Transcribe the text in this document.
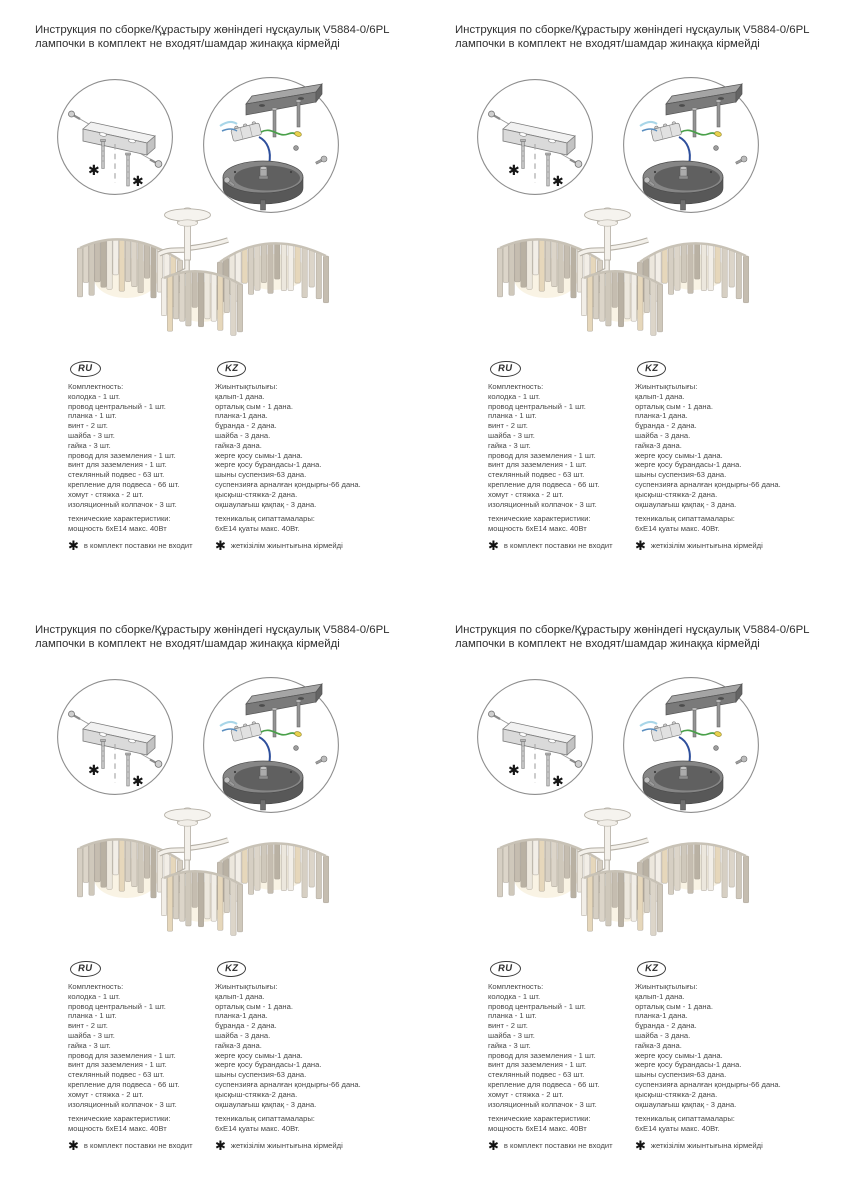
Инструкция по сборке/Құрастыру жөніндегі нұсқаулық V5884-0/6PL
лампочки в комплект не входят/шамдар жинаққа кірмейді
✱
✱
RU
Комплектность:
колодка - 1 шт.
провод центральный - 1 шт.
планка - 1 шт.
винт - 2 шт.
шайба - 3 шт.
гайка - 3 шт.
провод для заземления - 1 шт.
винт для заземления - 1 шт.
стеклянный подвес - 63 шт.
крепление для подвеса - 66 шт.
хомут - стяжка - 2 шт.
изоляционный колпачок - 3 шт.
технические характеристики:
мощность 6хЕ14 макс. 40Вт
✱ в комплект поставки не входит
KZ
Жиынтықтылығы:
қалып-1 дана.
орталық сым - 1 дана.
планка-1 дана.
бұранда - 2 дана.
шайба - 3 дана.
гайка-3 дана.
жерге қосу сымы-1 дана.
жерге қосу бұрандасы-1 дана.
шыны суспензия-63 дана.
суспензияға арналған қондырғы-66 дана.
қысқыш-стяжка-2 дана.
оқшаулағыш қақпақ - 3 дана.
техникалық сипаттамалары:
6хЕ14 қуаты макс. 40Вт.
✱ жеткізілім жиынтығына кірмейді
Инструкция по сборке/Құрастыру жөніндегі нұсқаулық V5884-0/6PL
лампочки в комплект не входят/шамдар жинаққа кірмейді
✱
✱
RU
Комплектность:
колодка - 1 шт.
провод центральный - 1 шт.
планка - 1 шт.
винт - 2 шт.
шайба - 3 шт.
гайка - 3 шт.
провод для заземления - 1 шт.
винт для заземления - 1 шт.
стеклянный подвес - 63 шт.
крепление для подвеса - 66 шт.
хомут - стяжка - 2 шт.
изоляционный колпачок - 3 шт.
технические характеристики:
мощность 6хЕ14 макс. 40Вт
✱ в комплект поставки не входит
KZ
Жиынтықтылығы:
қалып-1 дана.
орталық сым - 1 дана.
планка-1 дана.
бұранда - 2 дана.
шайба - 3 дана.
гайка-3 дана.
жерге қосу сымы-1 дана.
жерге қосу бұрандасы-1 дана.
шыны суспензия-63 дана.
суспензияға арналған қондырғы-66 дана.
қысқыш-стяжка-2 дана.
оқшаулағыш қақпақ - 3 дана.
техникалық сипаттамалары:
6хЕ14 қуаты макс. 40Вт.
✱ жеткізілім жиынтығына кірмейді
Инструкция по сборке/Құрастыру жөніндегі нұсқаулық V5884-0/6PL
лампочки в комплект не входят/шамдар жинаққа кірмейді
✱
✱
RU
Комплектность:
колодка - 1 шт.
провод центральный - 1 шт.
планка - 1 шт.
винт - 2 шт.
шайба - 3 шт.
гайка - 3 шт.
провод для заземления - 1 шт.
винт для заземления - 1 шт.
стеклянный подвес - 63 шт.
крепление для подвеса - 66 шт.
хомут - стяжка - 2 шт.
изоляционный колпачок - 3 шт.
технические характеристики:
мощность 6хЕ14 макс. 40Вт
✱ в комплект поставки не входит
KZ
Жиынтықтылығы:
қалып-1 дана.
орталық сым - 1 дана.
планка-1 дана.
бұранда - 2 дана.
шайба - 3 дана.
гайка-3 дана.
жерге қосу сымы-1 дана.
жерге қосу бұрандасы-1 дана.
шыны суспензия-63 дана.
суспензияға арналған қондырғы-66 дана.
қысқыш-стяжка-2 дана.
оқшаулағыш қақпақ - 3 дана.
техникалық сипаттамалары:
6хЕ14 қуаты макс. 40Вт.
✱ жеткізілім жиынтығына кірмейді
Инструкция по сборке/Құрастыру жөніндегі нұсқаулық V5884-0/6PL
лампочки в комплект не входят/шамдар жинаққа кірмейді
✱
✱
RU
Комплектность:
колодка - 1 шт.
провод центральный - 1 шт.
планка - 1 шт.
винт - 2 шт.
шайба - 3 шт.
гайка - 3 шт.
провод для заземления - 1 шт.
винт для заземления - 1 шт.
стеклянный подвес - 63 шт.
крепление для подвеса - 66 шт.
хомут - стяжка - 2 шт.
изоляционный колпачок - 3 шт.
технические характеристики:
мощность 6хЕ14 макс. 40Вт
✱ в комплект поставки не входит
KZ
Жиынтықтылығы:
қалып-1 дана.
орталық сым - 1 дана.
планка-1 дана.
бұранда - 2 дана.
шайба - 3 дана.
гайка-3 дана.
жерге қосу сымы-1 дана.
жерге қосу бұрандасы-1 дана.
шыны суспензия-63 дана.
суспензияға арналған қондырғы-66 дана.
қысқыш-стяжка-2 дана.
оқшаулағыш қақпақ - 3 дана.
техникалық сипаттамалары:
6хЕ14 қуаты макс. 40Вт.
✱ жеткізілім жиынтығына кірмейді
